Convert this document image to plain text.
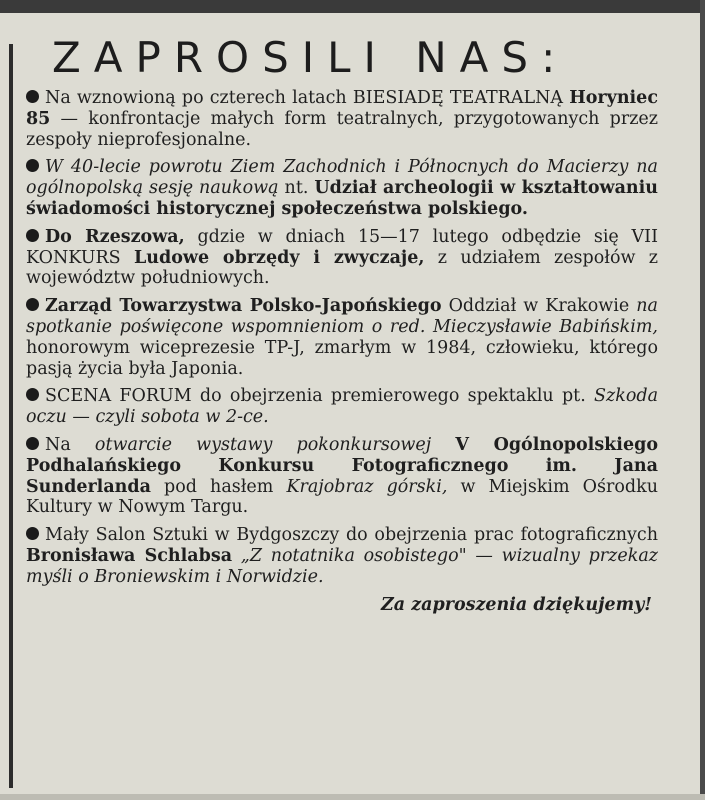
ZAPROSILI NAS:

Na wznowioną po czterech latach BIESIADĘ TEATRALNĄ Horyniec 85 — konfrontacje małych form teatralnych, przygotowanych przez zespoły nieprofesjonalne.

W 40-lecie powrotu Ziem Zachodnich i Północnych do Macierzy na ogólnopolską sesję naukową nt. Udział archeologii w kształtowaniu świadomości historycznej społeczeństwa polskiego.

Do Rzeszowa, gdzie w dniach 15—17 lutego odbędzie się VII KONKURS Ludowe obrzędy i zwyczaje, z udziałem zespołów z województw południowych.

Zarząd Towarzystwa Polsko-Japońskiego Oddział w Krakowie na spotkanie poświęcone wspomnieniom o red. Mieczysławie Babińskim, honorowym wiceprezesie TP-J, zmarłym w 1984, człowieku, którego pasją życia była Japonia.

SCENA FORUM do obejrzenia premierowego spektaklu pt. Szkoda oczu — czyli sobota w 2-ce.

Na otwarcie wystawy pokonkursowej V Ogólnopolskiego Podhalańskiego Konkursu Fotograficznego im. Jana Sunderlanda pod hasłem Krajobraz górski, w Miejskim Ośrodku Kultury w Nowym Targu.

Mały Salon Sztuki w Bydgoszczy do obejrzenia prac fotograficznych Bronisława Schlabsa „Z notatnika osobistego" — wizualny przekaz myśli o Broniewskim i Norwidzie.

Za zaproszenia dziękujemy!
